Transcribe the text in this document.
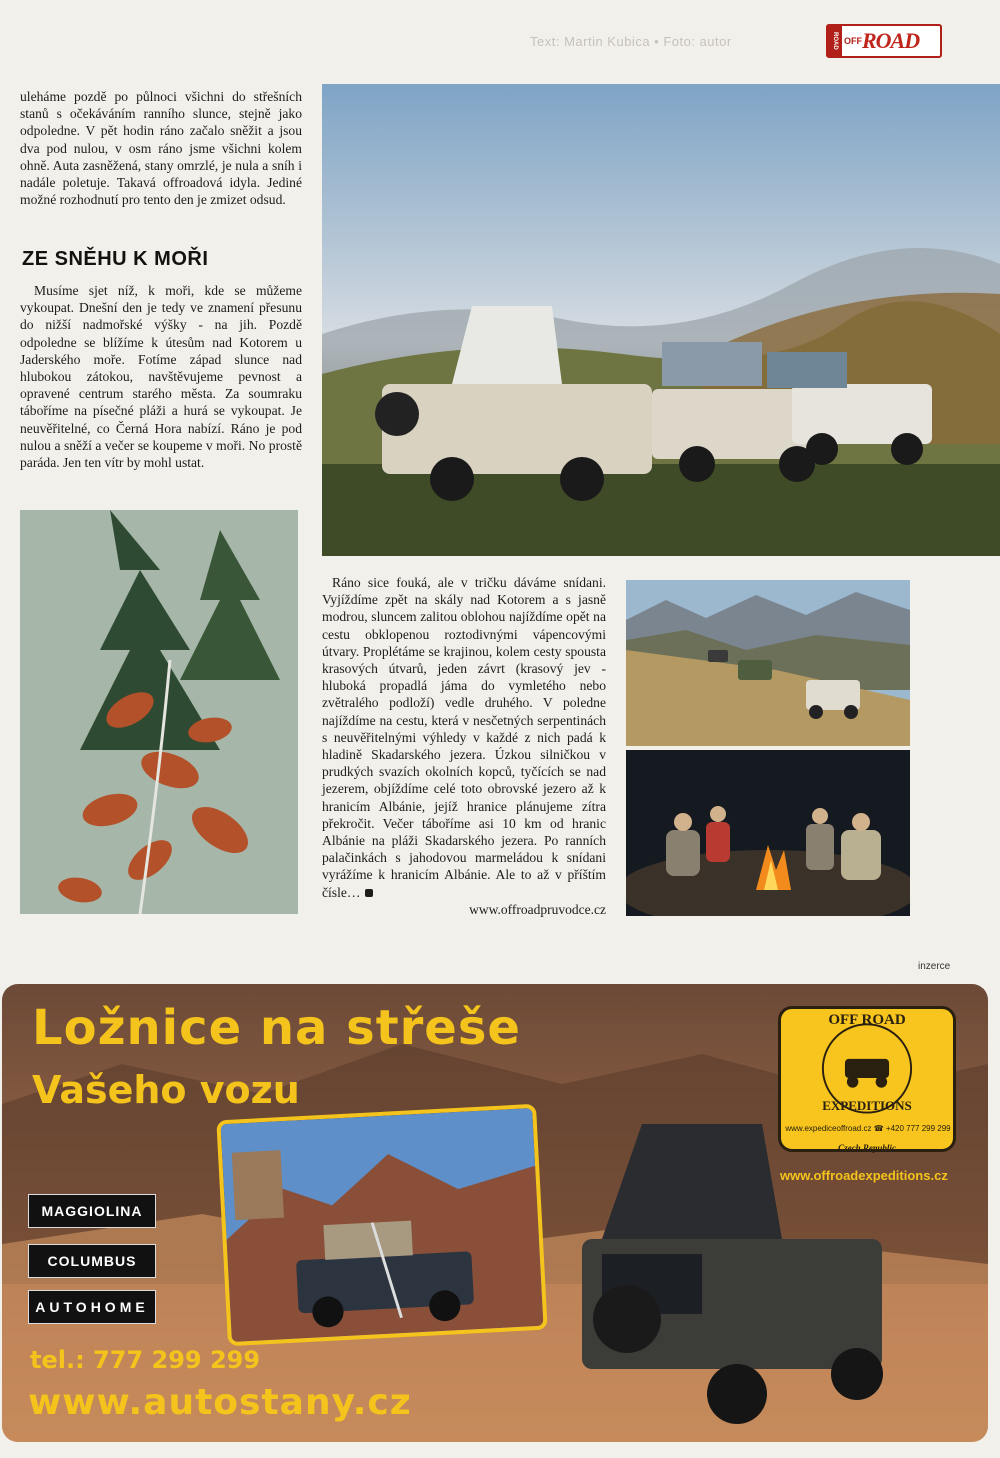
Text: Martin Kubica • Foto: autor	ROAD OFF ROAD
uleháme pozdě po půlnoci všichni do střešních stanů s očekáváním ranního slunce, stejně jako odpoledne. V pět hodin ráno začalo sněžit a jsou dva pod nulou, v osm ráno jsme všichni kolem ohně. Auta zasněžená, stany omrzlé, je nula a sníh i nadále poletuje. Takavá offroadová idyla. Jediné možné rozhodnutí pro tento den je zmizet odsud.
ZE SNĚHU K MOŘI
Musíme sjet níž, k moři, kde se můžeme vykoupat. Dnešní den je tedy ve znamení přesunu do nižší nadmořské výšky - na jih. Pozdě odpoledne se blížíme k útesům nad Kotorem u Jaderského moře. Fotíme západ slunce nad hlubokou zátokou, navštěvujeme pevnost a opravené centrum starého města. Za soumraku táboříme na písečné pláži a hurá se vykoupat. Je neuvěřitelné, co Černá Hora nabízí. Ráno je pod nulou a sněží a večer se koupeme v moři. No prostě paráda. Jen ten vítr by mohl ustat.
Ráno sice fouká, ale v tričku dáváme snídani. Vyjíždíme zpět na skály nad Kotorem a s jasně modrou, sluncem zalitou oblohou najíždíme opět na cestu obklopenou roztodivnými vápencovými útvary. Proplétáme se krajinou, kolem cesty spousta krasových útvarů, jeden závrt (krasový jev - hluboká propadlá jáma do vymletého nebo zvětralého podloží) vedle druhého. V poledne najíždíme na cestu, která v nesčetných serpentinách s neuvěřitelnými výhledy v každé z nich padá k hladině Skadarského jezera. Úzkou silničkou v prudkých svazích okolních kopců, tyčících se nad jezerem, objíždíme celé toto obrovské jezero až k hranicím Albánie, jejíž hranice plánujeme zítra překročit. Večer táboříme asi 10 km od hranic Albánie na pláži Skadarského jezera. Po ranních palačinkách s jahodovou marmeládou k snídani vyrážíme k hranicím Albánie. Ale to až v příštím čísle…
www.offroadpruvodce.cz
inzerce
Ložnice na střeše
Vašeho vozu
MAGGIOLINA
COLUMBUS
AUTOHOME
tel.: 777 299 299
www.autostany.cz
OFF ROAD
EXPEDITIONS
www.expediceoffroad.cz ☎ +420 777 299 299
Czech Republic
www.offroadexpeditions.cz
